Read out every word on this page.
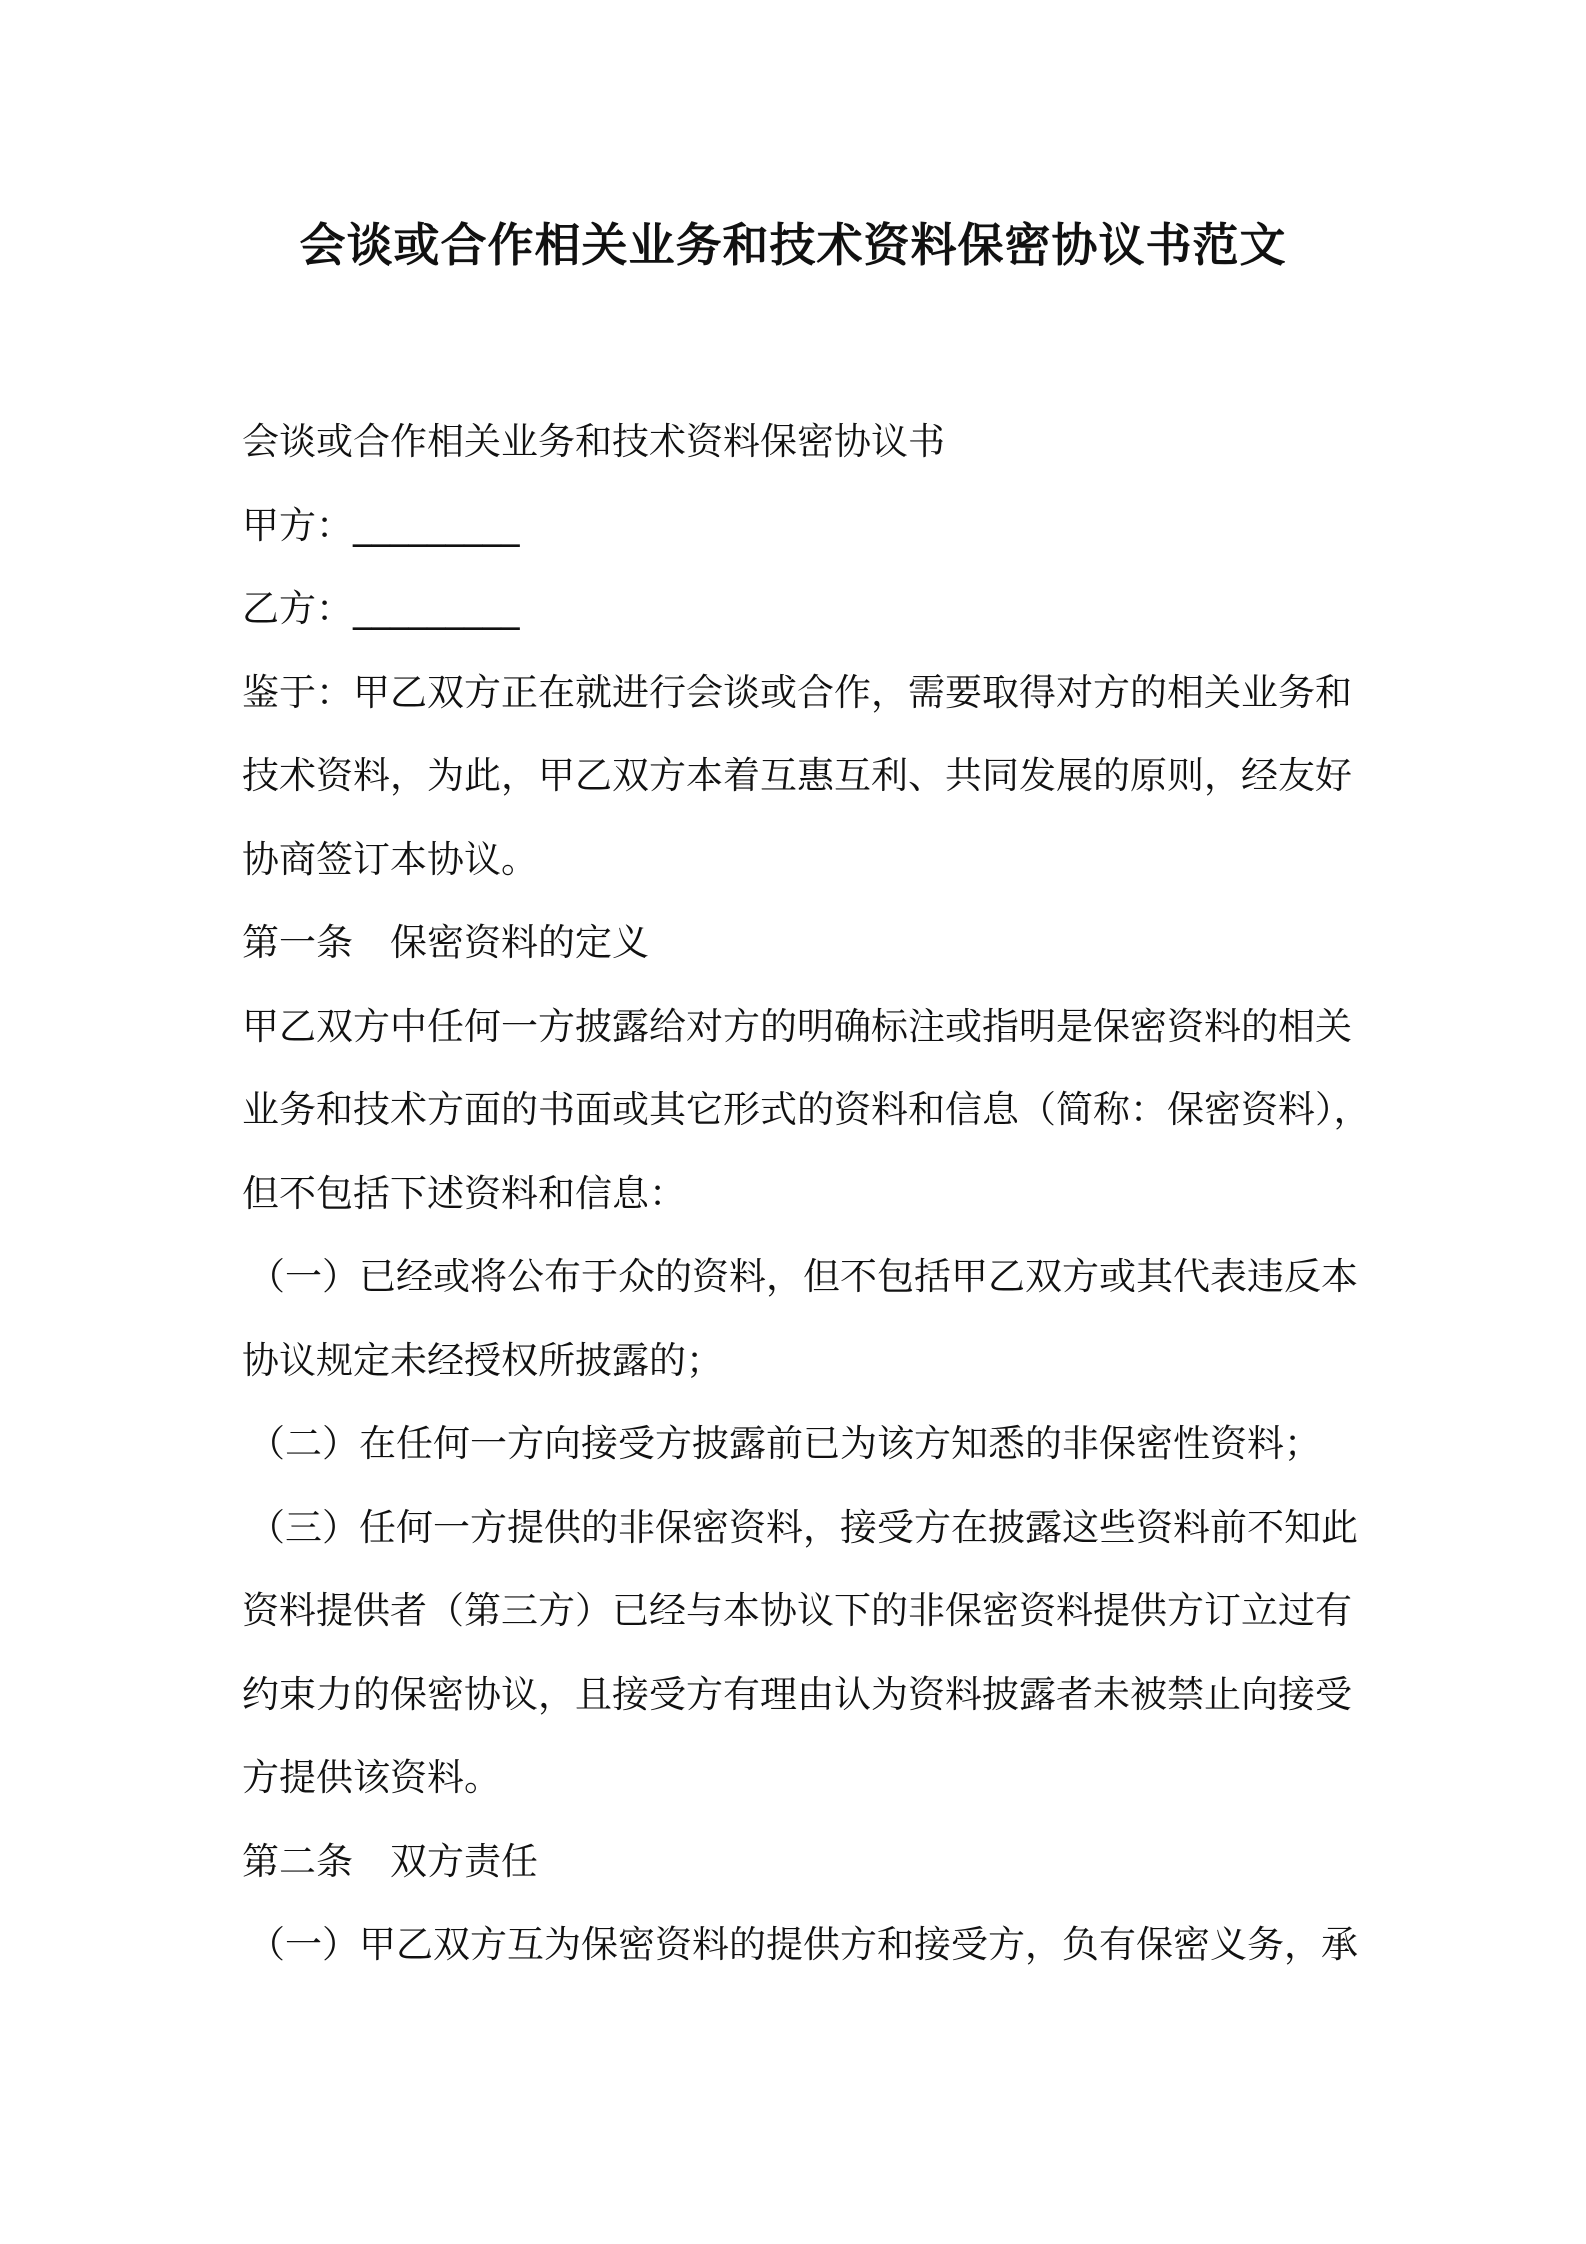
会谈或合作相关业务和技术资料保密协议书范文

会谈或合作相关业务和技术资料保密协议书

甲方：_________

乙方：_________

鉴于：甲乙双方正在就进行会谈或合作，需要取得对方的相关业务和技术资料，为此，甲乙双方本着互惠互利、共同发展的原则，经友好协商签订本协议。

第一条　保密资料的定义

甲乙双方中任何一方披露给对方的明确标注或指明是保密资料的相关业务和技术方面的书面或其它形式的资料和信息（简称：保密资料），但不包括下述资料和信息：

（一）已经或将公布于众的资料，但不包括甲乙双方或其代表违反本协议规定未经授权所披露的；

（二）在任何一方向接受方披露前已为该方知悉的非保密性资料；

（三）任何一方提供的非保密资料，接受方在披露这些资料前不知此资料提供者（第三方）已经与本协议下的非保密资料提供方订立过有约束力的保密协议，且接受方有理由认为资料披露者未被禁止向接受方提供该资料。

第二条　双方责任

（一）甲乙双方互为保密资料的提供方和接受方，负有保密义务，承
